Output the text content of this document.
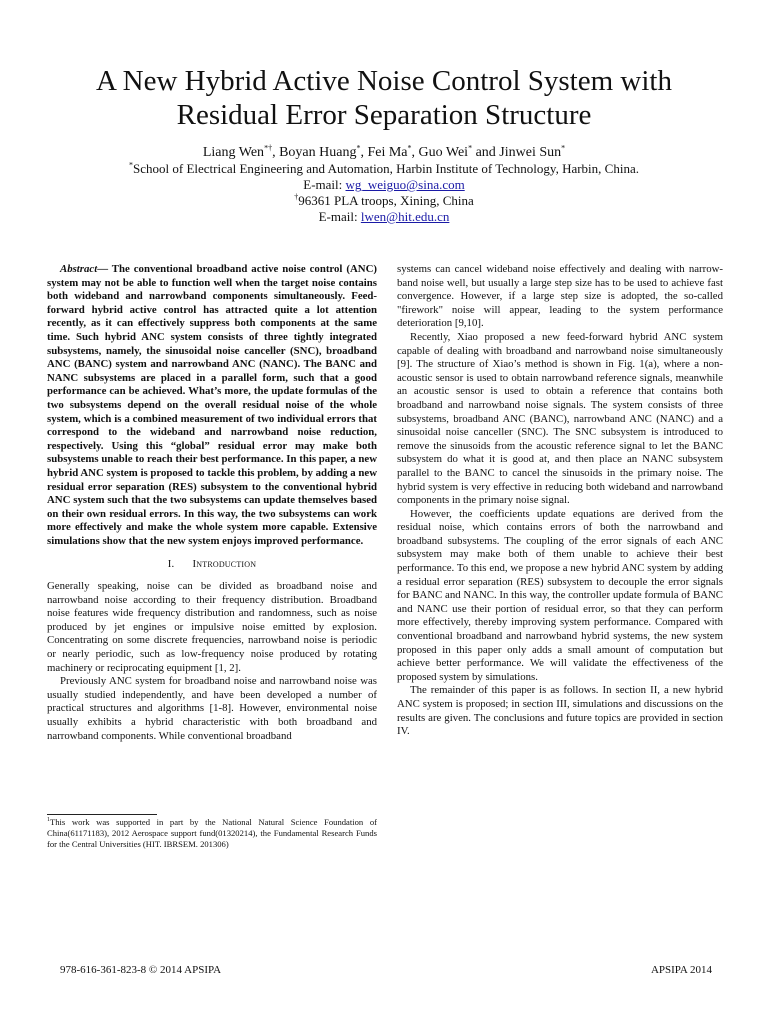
A New Hybrid Active Noise Control System with
Residual Error Separation Structure
Liang Wen*†, Boyan Huang*, Fei Ma*, Guo Wei* and Jinwei Sun*
*School of Electrical Engineering and Automation, Harbin Institute of Technology, Harbin, China.
E-mail: wg_weiguo@sina.com
†96361 PLA troops, Xining, China
E-mail: lwen@hit.edu.cn

Abstract— The conventional broadband active noise control (ANC) system may not be able to function well when the target noise contains both wideband and narrowband components simultaneously. Feed-forward hybrid active control has attracted quite a lot attention recently, as it can effectively suppress both components at the same time. Such hybrid ANC system consists of three tightly integrated subsystems, namely, the sinusoidal noise canceller (SNC), broadband ANC (BANC) system and narrowband ANC (NANC). The BANC and NANC subsystems are placed in a parallel form, such that a good performance can be achieved. What’s more, the update formulas of the two subsystems depend on the overall residual noise of the whole system, which is a combined measurement of two individual errors that correspond to the wideband and narrowband noise reduction, respectively. Using this “global” residual error may make both subsystems unable to reach their best performance. In this paper, a new hybrid ANC system is proposed to tackle this problem, by adding a new residual error separation (RES) subsystem to the conventional hybrid ANC system such that the two subsystems can update themselves based on their own residual errors. In this way, the two subsystems can work more effectively and make the whole system more capable. Extensive simulations show that the new system enjoys improved performance.

I. Introduction

Generally speaking, noise can be divided as broadband noise and narrowband noise according to their frequency distribution. Broadband noise features wide frequency distribution and randomness, such as noise produced by jet engines or impulsive noise emitted by explosion. Concentrating on some discrete frequencies, narrowband noise is periodic or nearly periodic, such as low-frequency noise produced by rotating machinery or reciprocating equipment [1, 2].

Previously ANC system for broadband noise and narrowband noise was usually studied independently, and have been developed a number of practical structures and algorithms [1-8]. However, environmental noise usually exhibits a hybrid characteristic with both broadband and narrowband components. While conventional broadband

systems can cancel wideband noise effectively and dealing with narrow-band noise well, but usually a large step size has to be used to achieve fast convergence. However, if a large step size is adopted, the so-called "firework" noise will appear, leading to the system performance deterioration [9,10].

Recently, Xiao proposed a new feed-forward hybrid ANC system capable of dealing with broadband and narrowband noise simultaneously [9]. The structure of Xiao’s method is shown in Fig. 1(a), where a non-acoustic sensor is used to obtain narrowband reference signals, meanwhile an acoustic sensor is used to obtain a reference that contains both broadband and narrowband noise signals. The system consists of three subsystems, broadband ANC (BANC), narrowband ANC (NANC) and a sinusoidal noise canceller (SNC). The SNC subsystem is introduced to remove the sinusoids from the acoustic reference signal to let the BANC subsystem do what it is good at, and then place an NANC subsystem parallel to the BANC to cancel the sinusoids in the primary noise. The hybrid system is very effective in reducing both wideband and narrowband components in the primary noise signal.

However, the coefficients update equations are derived from the residual noise, which contains errors of both the narrowband and broadband subsystems. The coupling of the error signals of each ANC subsystem may make both of them unable to achieve their best performance. To this end, we propose a new hybrid ANC system by adding a residual error separation (RES) subsystem to decouple the error signals for BANC and NANC. In this way, the controller update formula of BANC and NANC use their portion of residual error, so that they can perform more effectively, thereby improving system performance. Compared with conventional broadband and narrowband hybrid systems, the new system proposed in this paper only adds a small amount of computation but achieve better performance. We will validate the effectiveness of the proposed system by simulations.

The remainder of this paper is as follows. In section II, a new hybrid ANC system is proposed; in section III, simulations and discussions on the results are given. The conclusions and future topics are provided in section IV.

$^1$This work was supported in part by the National Natural Science Foundation of China(61171183), 2012 Aerospace support fund(01320214), the Fundamental Research Funds for the Central Universities (HIT. IBRSEM. 201306)
978-616-361-823-8 © 2014 APSIPA	APSIPA 2014
